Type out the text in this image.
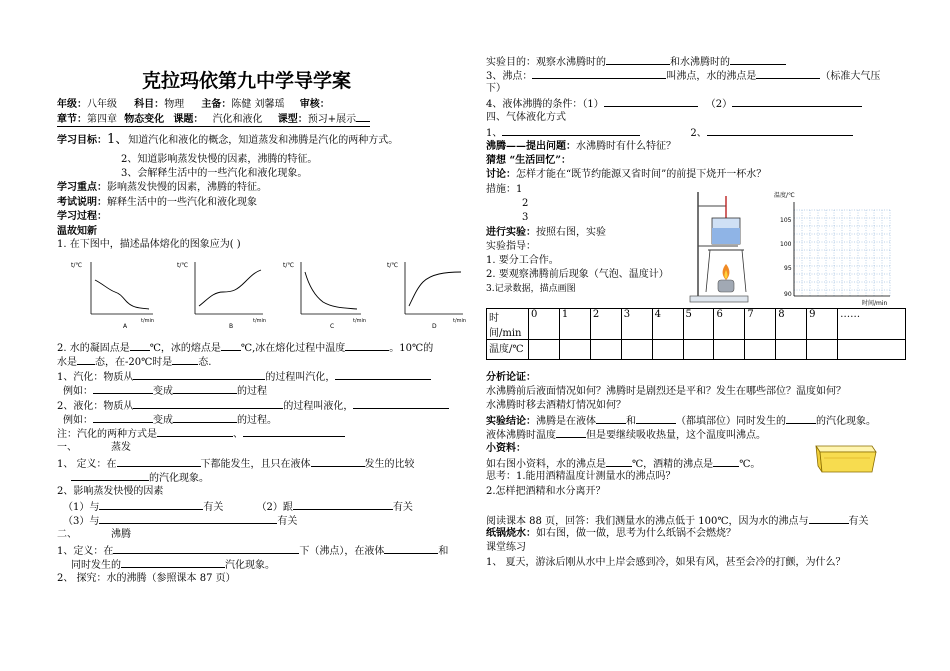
克拉玛依第九中学导学案
年级：八年级 科目：物理 主备：陈健 刘馨瑶 审核：
章节：第四章 物态变化 课题： 汽化和液化 课型：预习+展示
学习目标：1、知道汽化和液化的概念，知道蒸发和沸腾是汽化的两种方式。
2、知道影响蒸发快慢的因素，沸腾的特征。
3、会解释生活中的一些汽化和液化现象。
学习重点：影响蒸发快慢的因素，沸腾的特征。
考试说明：解释生活中的一些汽化和液化现象
学习过程：
温故知新
1. 在下图中，描述晶体熔化的图象应为( )
t/℃
t/min
A
t/℃
t/min
B
t/℃
t/min
C
t/℃
t/min
D
2. 水的凝固点是 ℃，冰的熔点是 ℃,冰在熔化过程中温度	。10℃的
水是 态，在-20℃时是	态.
1、汽化：物质从	的过程叫汽化，
例如：	变成	的过程
2、液化：物质从	的过程叫液化，
例如：	变成	的过程。
注：汽化的两种方式是	、
一、	蒸发
1、 定义：在	下都能发生，且只在液体	发生的比较
的汽化现象。
2、影响蒸发快慢的因素
（1）与	有关	（2）跟	有关
（3）与	有关
二、	沸腾
1、定义：在	下（沸点），在液体	和
同时发生的	汽化现象。
2、 探究：水的沸腾（参照课本 87 页）
实验目的：观察水沸腾时的	和水沸腾时的
3、沸点：	叫沸点，水的沸点是	（标准大气压
下）
4、液体沸腾的条件：（1）	（2）
四、气体液化方式
1、	2、
沸腾——提出问题：水沸腾时有什么特征？
猜想 “生活回忆”：
讨论：怎样才能在“既节约能源又省时间”的前提下烧开一杯水？
措施：1
2
3
进行实验：按照右图，实验
实验指导：
1. 要分工合作。
2. 要观察沸腾前后现象（气泡、温度计）
3.记录数据，描点画图
温度/℃
105
100
95
90
时间/min
时间/min	0	1	2	3	4	5	6	7	8	9	……
温度/℃											
分析论证：
水沸腾前后液面情况如何？沸腾时是剧烈还是平和？发生在哪些部位？温度如何？
水沸腾时移去酒精灯情况如何？
实验结论：沸腾是在液体	和	（都填部位）同时发生的	的汽化现象。
液体沸腾时温度	但是要继续吸收热量，这个温度叫沸点。
小资料：
如右图小资料，水的沸点是	℃，酒精的沸点是	℃。
思考：1.能用酒精温度计测量水的沸点吗？
2.怎样把酒精和水分离开？
阅读课本 88 页，回答：我们测量水的沸点低于 100℃，因为水的沸点与	有关
纸锅烧水：如右图，做一做，思考为什么纸锅不会燃烧？
课堂练习
1、 夏天，游泳后刚从水中上岸会感到冷，如果有风，甚至会冷的打颤，为什么？
